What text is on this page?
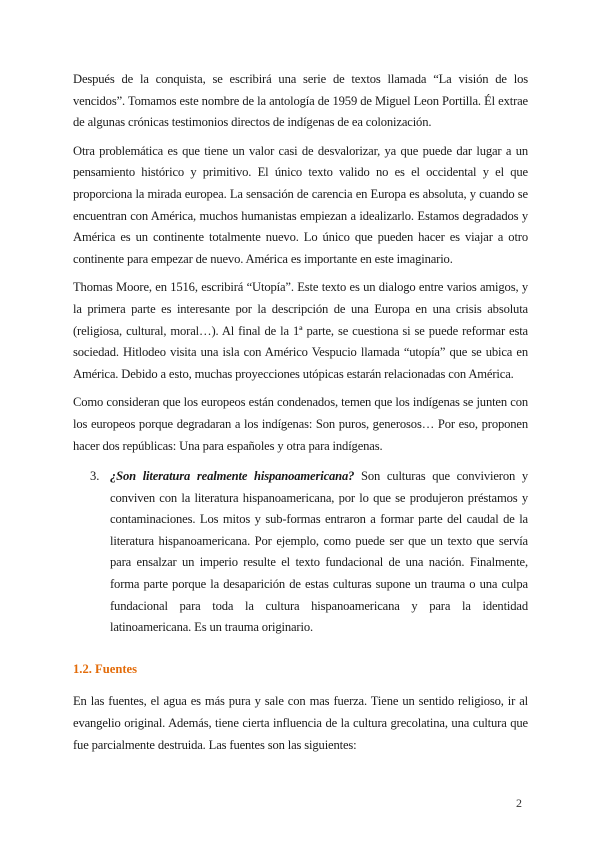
Después de la conquista, se escribirá una serie de textos llamada “La visión de los vencidos”. Tomamos este nombre de la antología de 1959 de Miguel Leon Portilla. Él extrae de algunas crónicas testimonios directos de indígenas de ea colonización.

Otra problemática es que tiene un valor casi de desvalorizar, ya que puede dar lugar a un pensamiento histórico y primitivo. El único texto valido no es el occidental y el que proporciona la mirada europea. La sensación de carencia en Europa es absoluta, y cuando se encuentran con América, muchos humanistas empiezan a idealizarlo. Estamos degradados y América es un continente totalmente nuevo. Lo único que pueden hacer es viajar a otro continente para empezar de nuevo. América es importante en este imaginario.

Thomas Moore, en 1516, escribirá “Utopía”. Este texto es un dialogo entre varios amigos, y la primera parte es interesante por la descripción de una Europa en una crisis absoluta (religiosa, cultural, moral…). Al final de la 1ª parte, se cuestiona si se puede reformar esta sociedad. Hitlodeo visita una isla con Américo Vespucio llamada “utopía” que se ubica en América. Debido a esto, muchas proyecciones utópicas estarán relacionadas con América.

Como consideran que los europeos están condenados, temen que los indígenas se junten con los europeos porque degradaran a los indígenas: Son puros, generosos… Por eso, proponen hacer dos repúblicas: Una para españoles y otra para indígenas.

3. ¿Son literatura realmente hispanoamericana? Son culturas que convivieron y conviven con la literatura hispanoamericana, por lo que se produjeron préstamos y contaminaciones. Los mitos y sub-formas entraron a formar parte del caudal de la literatura hispanoamericana. Por ejemplo, como puede ser que un texto que servía para ensalzar un imperio resulte el texto fundacional de una nación. Finalmente, forma parte porque la desaparición de estas culturas supone un trauma o una culpa fundacional para toda la cultura hispanoamericana y para la identidad latinoamericana. Es un trauma originario.

1.2. Fuentes

En las fuentes, el agua es más pura y sale con mas fuerza. Tiene un sentido religioso, ir al evangelio original. Además, tiene cierta influencia de la cultura grecolatina, una cultura que fue parcialmente destruida. Las fuentes son las siguientes:

2
